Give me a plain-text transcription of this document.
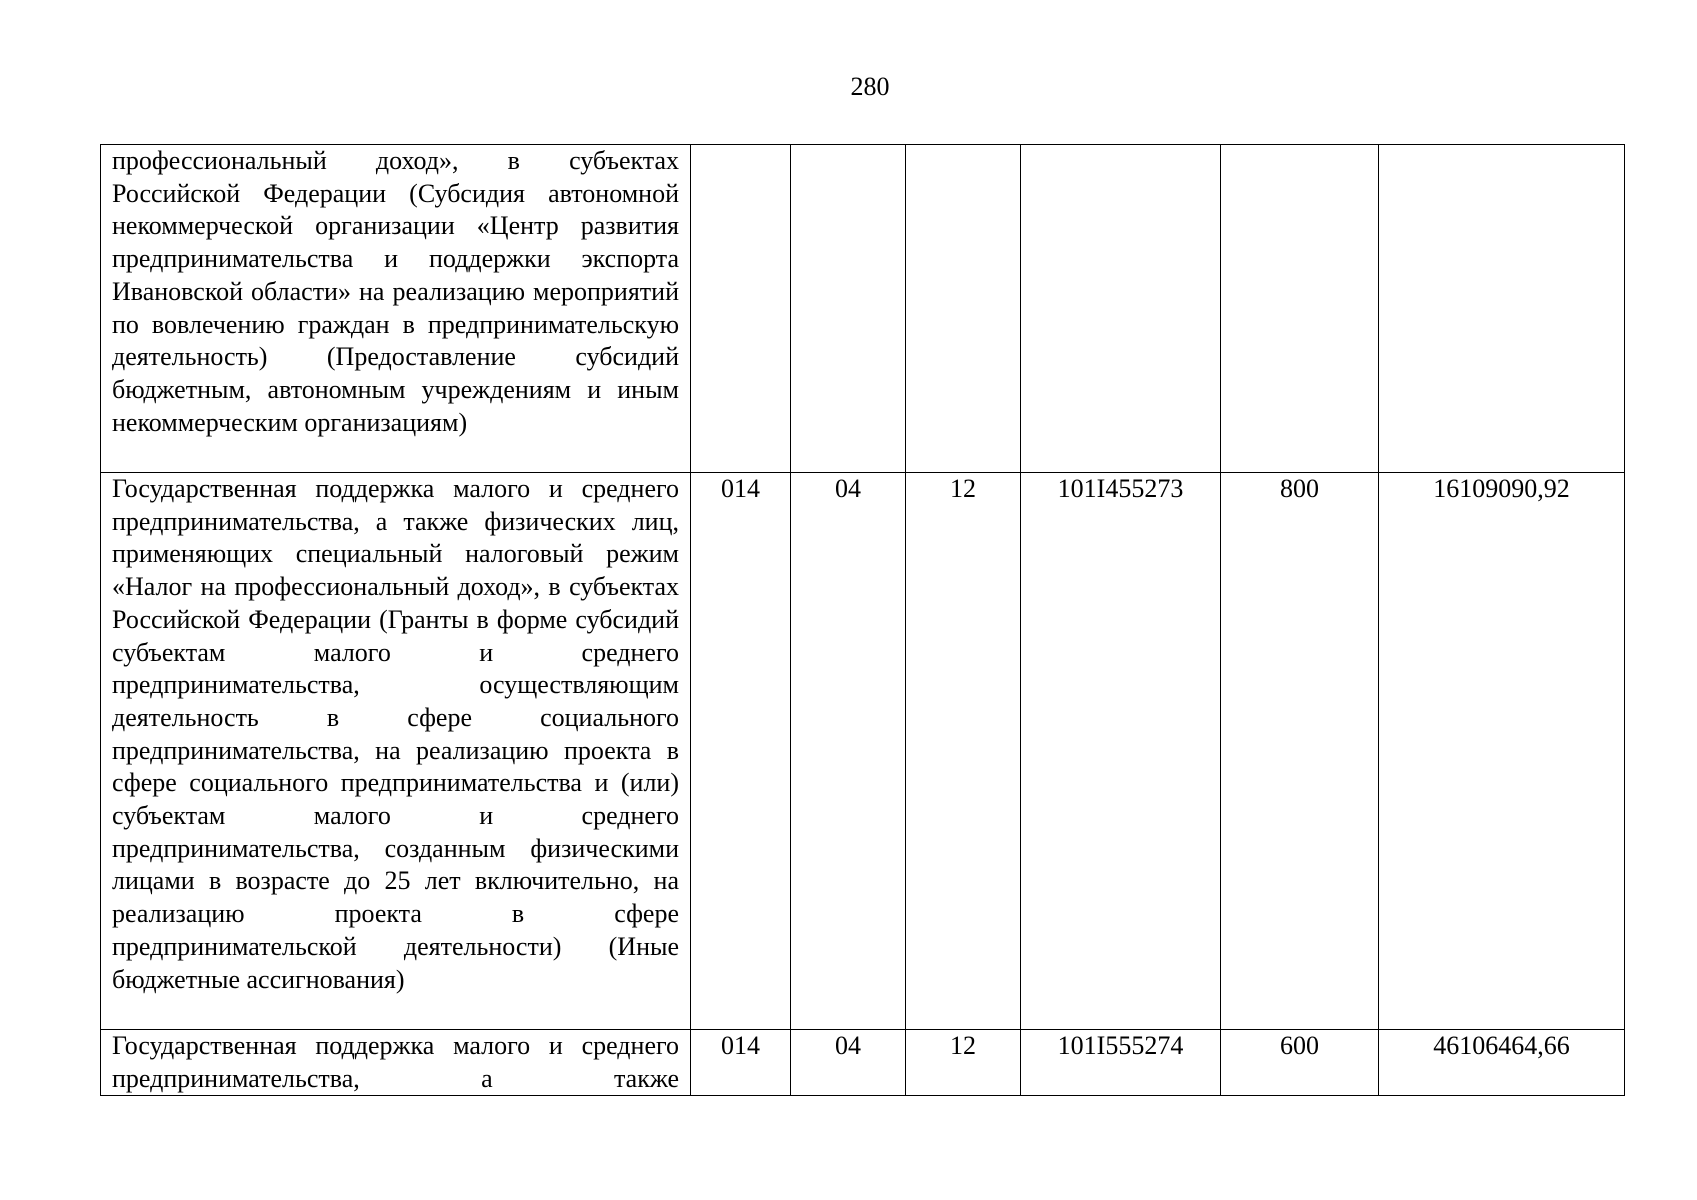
280
профессиональный доход», в субъектах Российской Федерации (Субсидия автономной некоммерческой организации «Центр развития предпринимательства и поддержки экспорта Ивановской области» на реализацию мероприятий по вовлечению граждан в предпринимательскую деятельность) (Предоставление субсидий бюджетным, автономным учреждениям и иным некоммерческим организациям)						

Государственная поддержка малого и среднего предпринимательства, а также физических лиц, применяющих специальный налоговый режим «Налог на профессиональный доход», в субъектах Российской Федерации (Гранты в форме субсидий субъектам малого и среднего предпринимательства, осуществляющим деятельность в сфере социального предпринимательства, на реализацию проекта в сфере социального предпринимательства и (или) субъектам малого и среднего предпринимательства, созданным физическими лицами в возрасте до 25 лет включительно, на реализацию проекта в сфере предпринимательской деятельности) (Иные бюджетные ассигнования)	014	04	12	101I455273	800	16109090,92

Государственная поддержка малого и среднего предпринимательства, а также	014	04	12	101I555274	600	46106464,66
